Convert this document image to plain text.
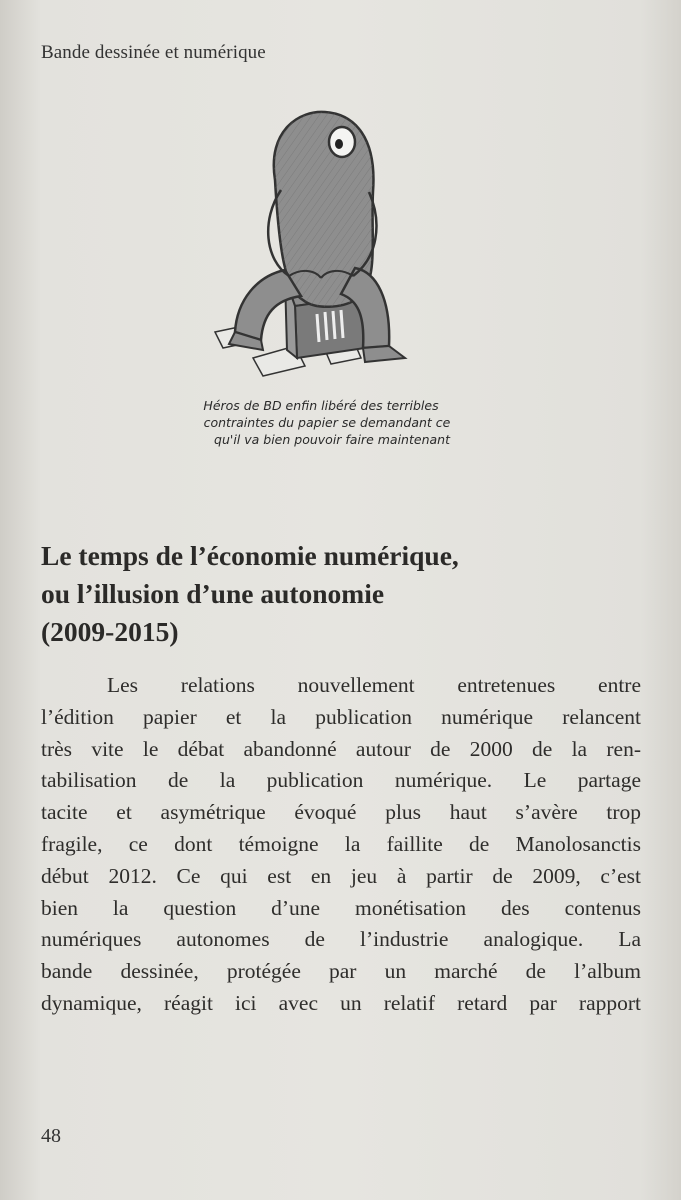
Bande dessinée et numérique
Héros de BD enfin libéré des terribles
contraintes du papier se demandant ce
qu'il va bien pouvoir faire maintenant
Le temps de l’économie numérique,
ou l’illusion d’une autonomie
(2009-2015)
Les relations nouvellement entretenues entre
l’édition papier et la publication numérique relancent
très vite le débat abandonné autour de 2000 de la ren-
tabilisation de la publication numérique. Le partage
tacite et asymétrique évoqué plus haut s’avère trop
fragile, ce dont témoigne la faillite de Manolosanctis
début 2012. Ce qui est en jeu à partir de 2009, c’est
bien la question d’une monétisation des contenus
numériques autonomes de l’industrie analogique. La
bande dessinée, protégée par un marché de l’album
dynamique, réagit ici avec un relatif retard par rapport
48
